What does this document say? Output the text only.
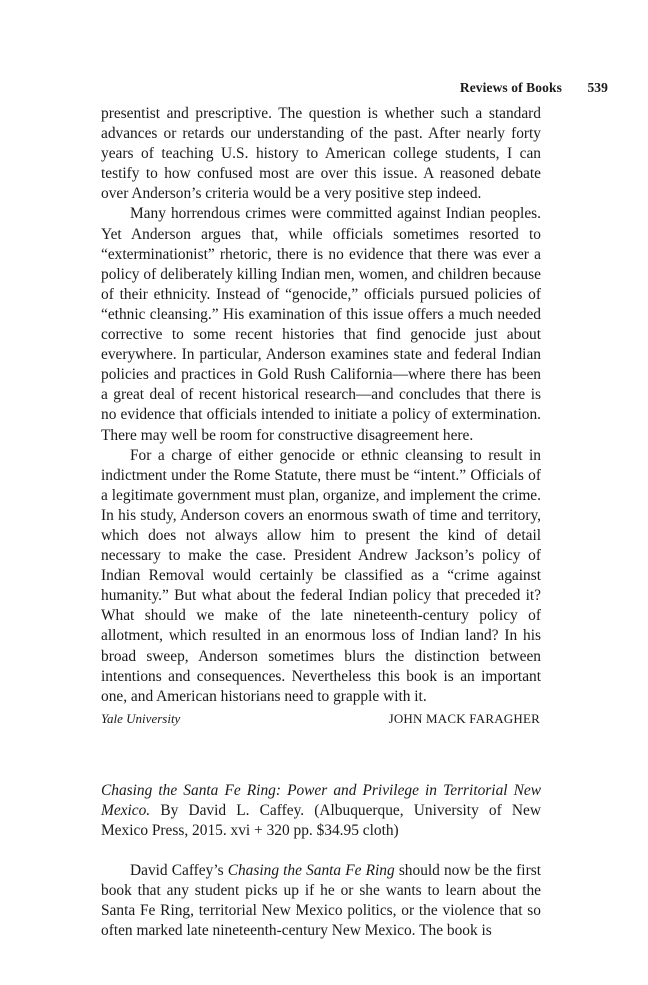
Reviews of Books 539

presentist and prescriptive. The question is whether such a standard advances or retards our understanding of the past. After nearly forty years of teaching U.S. history to American college students, I can testify to how confused most are over this issue. A reasoned debate over Anderson’s criteria would be a very positive step indeed.

Many horrendous crimes were committed against Indian peoples. Yet Anderson argues that, while officials sometimes resorted to “exterminationist” rhetoric, there is no evidence that there was ever a policy of deliberately killing Indian men, women, and children because of their ethnicity. Instead of “genocide,” officials pursued policies of “ethnic cleansing.” His examination of this issue offers a much needed corrective to some recent histories that find genocide just about everywhere. In particular, Anderson examines state and federal Indian policies and practices in Gold Rush California—where there has been a great deal of recent historical research—and concludes that there is no evidence that officials intended to initiate a policy of extermination. There may well be room for constructive disagreement here.

For a charge of either genocide or ethnic cleansing to result in indictment under the Rome Statute, there must be “intent.” Officials of a legitimate government must plan, organize, and implement the crime. In his study, Anderson covers an enormous swath of time and territory, which does not always allow him to present the kind of detail necessary to make the case. President Andrew Jackson’s policy of Indian Removal would certainly be classified as a “crime against humanity.” But what about the federal Indian policy that preceded it? What should we make of the late nineteenth-century policy of allotment, which resulted in an enormous loss of Indian land? In his broad sweep, Anderson sometimes blurs the distinction between intentions and consequences. Nevertheless this book is an important one, and American historians need to grapple with it.

Yale University	JOHN MACK FARAGHER

Chasing the Santa Fe Ring: Power and Privilege in Territorial New Mexico. By David L. Caffey. (Albuquerque, University of New Mexico Press, 2015. xvi + 320 pp. $34.95 cloth)

David Caffey’s Chasing the Santa Fe Ring should now be the first book that any student picks up if he or she wants to learn about the Santa Fe Ring, territorial New Mexico politics, or the violence that so often marked late nineteenth-century New Mexico. The book is
